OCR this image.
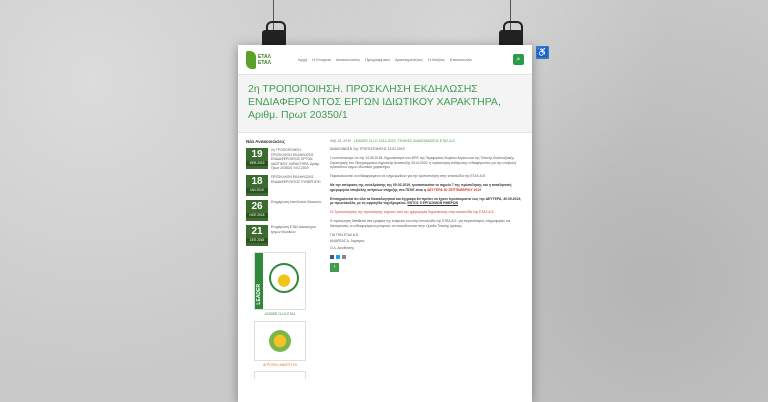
ΕΤΑΛ
ΕΤΑΛ	Αρχή Η Εταιρεία Ανακοινώσεις Προγράμματα Δραστηριότητες Η Λέσβος Επικοινωνία	⌕
2η ΤΡΟΠΟΠΟΙΗΣΗ. ΠΡΟΣΚΛΗΣΗ ΕΚΔΗΛΩΣΗΣ ΕΝΔΙΑΦΕΡΟ ΝΤΟΣ ΕΡΓΩΝ ΙΔΙΩΤΙΚΟΥ ΧΑΡΑΚΤΗΡΑ, Αριθμ. Πρωτ 20350/1
Νέα Ανακοινώσεις
19
ΦΕΒ 2019
2η ΤΡΟΠΟΠΟΙΗΣΗ. ΠΡΟΣΚΛΗΣΗ ΕΚΔΗΛΩΣΗΣ ΕΝΔΙΑΦΕΡΟΝΤΟΣ ΕΡΓΩΝ ΙΔΙΩΤΙΚΟΥ ΧΑΡΑΚΤΗΡΑ, Αριθμ. Πρωτ 20350/1 9.02.2019
18
ΙΑΝ 2019
ΠΡΟΣΚΛΗΣΗ ΕΚΔΗΛΩΣΗΣ ΕΝΔΙΑΦΕΡΟΝΤΟΣ ΣΥΝΕΡΓΑΤΗ
26
ΝΟΕ 2018
Ενημέρωση επενδυτών ιδιωτικών
21
ΣΕΠ 2018
Ενημέρωση ΕΤΑΛ Δικαιούχων έργων ιδιωτικών
LEADER
LEADER CLLD ΕΤΑΛ
ΑΓΡΟΤΙΚΗ ΑΝΑΠΤΥΞΗ
Φεβ 19, 2019 LEADER CLLD 2014-2020, ΤΕΛΙΚΕΣ ΑΝΑΚΟΙΝΩΣΕΙΣ ΕΤΑΛ Α.Ε.
ΑΝΑΚΟΙΝΩΣΗ 2ης ΤΡΟΠΟΠΟΙΗΣΗΣ 19.02.2019
Γνωστοποιούμε ότι την 14.06.2018, δημοσιεύτηκε στο ΦΕΚ της Περιφέρειας Βορείου Αιγαίου και της Τοπικής Αναπτυξιακής Στρατηγικής του Προγράμματος Αγροτικής Ανάπτυξης 2014-2020, η πρόσκληση εκδήλωσης ενδιαφέροντος για την υποβολή προτάσεων έργων ιδιωτικού χαρακτήρα.
Παρακαλούνται οι ενδιαφερόμενοι να ενημερωθούν για την τροποποίηση στην ιστοσελίδα της ΕΤΑΛ Α.Ε.
Με την απόφαση της συνεδρίασης της 05.02.2019, τροποποιείται το σημείο 7 της πρόσκλησης και η καταληκτική ημερομηνία υποβολής αιτήσεων στήριξης στο ΠΣΚΕ είναι η ΔΕΥΤΕΡΑ 30 ΣΕΠΤΕΜΒΡΙΟΥ 2019
Επισημαίνεται ότι όλα τα δικαιολογητικά και έγγραφα θα πρέπει να έχουν προσκομιστεί έως την ΔΕΥΤΕΡΑ, 30.09.2019, με πρωτόκολλο, με τη σφραγίδα ταχυδρομείου. ΕΝΤΟΣ 5 ΕΡΓΑΣΙΜΩΝ ΗΜΕΡΩΝ
Οι Τροποποιήσεις της πρόσκλησης ισχύουν από την ημερομηνία δημοσίευσης στην ιστοσελίδα της ΕΤΑΛ Α.Ε.
Η πρόσκληση διατίθεται στα γραφεία της εταιρείας και στην ιστοσελίδα της ΕΤΑΛ Α.Ε. για περισσότερες πληροφορίες και διευκρινίσεις οι ενδιαφερόμενοι μπορούν να απευθύνονται στην Ομάδα Τοπικής Δράσης.
ΓΙΑ ΤΗΝ ΕΤΑΛ Α.Ε.
ΑΝΔΡΕΑΣ Α. Λαμπρός
Ο Δ. Διευθυντής
‹
♿
